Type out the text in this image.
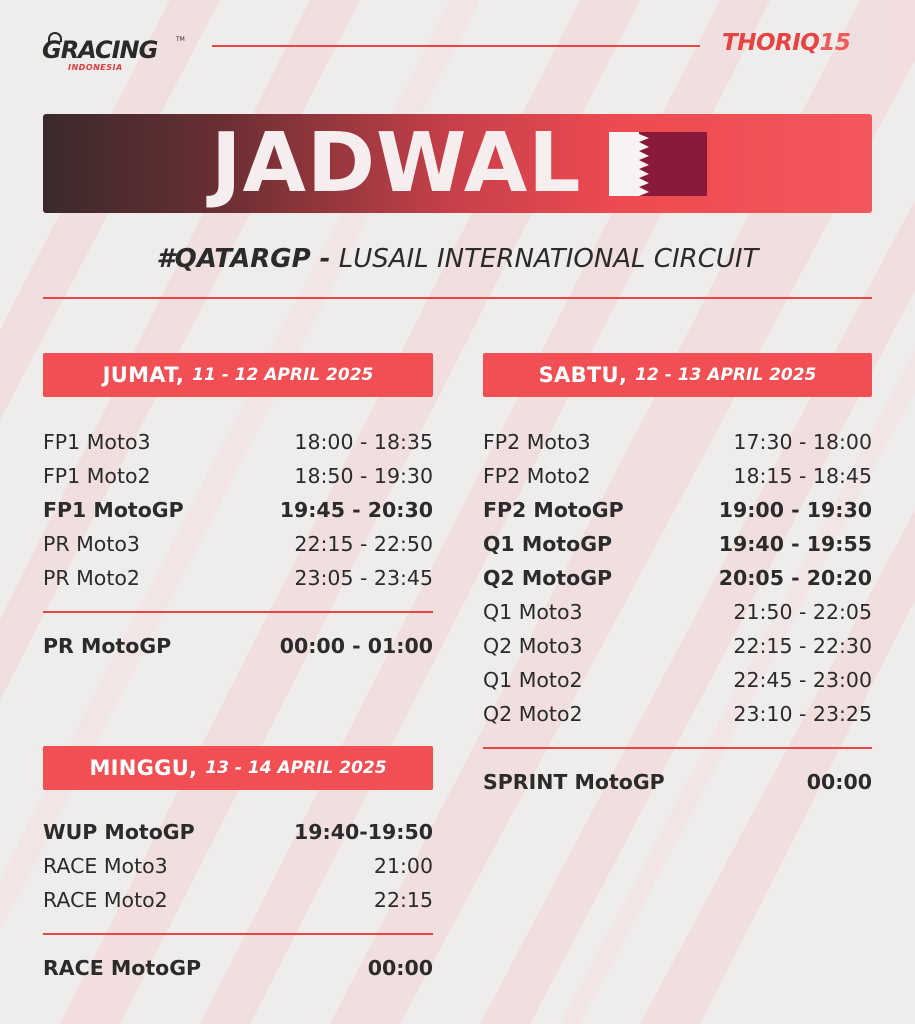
GRACING	TM
INDONESIA
THORIQ15
JADWAL
#QATARGP - LUSAIL INTERNATIONAL CIRCUIT
JUMAT, 11 - 12 APRIL 2025
FP1 Moto3	18:00 - 18:35
FP1 Moto2	18:50 - 19:30
FP1 MotoGP	19:45 - 20:30
PR Moto3	22:15 - 22:50
PR Moto2	23:05 - 23:45
PR MotoGP	00:00 - 01:00
SABTU, 12 - 13 APRIL 2025
FP2 Moto3	17:30 - 18:00
FP2 Moto2	18:15 - 18:45
FP2 MotoGP	19:00 - 19:30
Q1 MotoGP	19:40 - 19:55
Q2 MotoGP	20:05 - 20:20
Q1 Moto3	21:50 - 22:05
Q2 Moto3	22:15 - 22:30
Q1 Moto2	22:45 - 23:00
Q2 Moto2	23:10 - 23:25
SPRINT MotoGP	00:00
MINGGU, 13 - 14 APRIL 2025
WUP MotoGP	19:40-19:50
RACE Moto3	21:00
RACE Moto2	22:15
RACE MotoGP	00:00
